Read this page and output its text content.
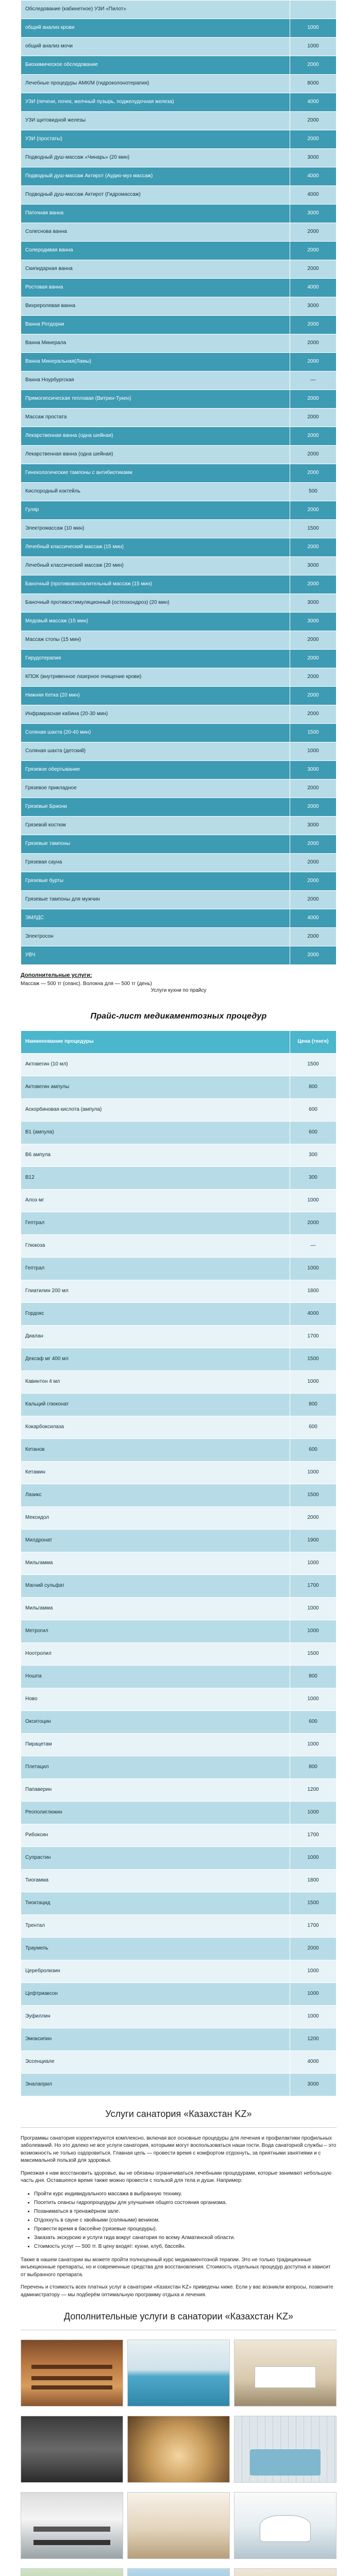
Обследование (кабинетное) УЗИ «Пилот»	
общий анализ крови	1000
общий анализ мочи	1000
Биохимическое обследование	2000
Лечебные процедуры АМК/М (гидроколонотерапия)	8000
УЗИ (печени, почек, желчный пузырь, поджелудочная железа)	4000
УЗИ щитовидной железы	2000
УЗИ (простаты)	2000
Подводный душ-массаж «Чинарь» (20 мин)	3000
Подводный душ-массаж Актирот (Аудио-муз массаж)	4000
Подводный душ-массаж Актирот (Гидромассаж)	4000
Паточная ванна	3000
Солеснова ванна	2000
Солеродивая ванна	2000
Скипидарная ванна	2000
Ростовая ванна	4000
Вихреролевая ванна	3000
Ванна Ротдорни	2000
Ванна Минерала	2000
Ванна Минеральная(Ламы)	2000
Ванна Ноурбургская	—
Прямогипсическая тепловая (Витрин-Тукен)	2000
Массаж простата	2000
Лекарственная ванна (одна шейная)	2000
Лекарственная ванна (одна шейная)	2000
Гинекологические тампоны с антибиотиками	2000
Кислородный коктейль	500
Гуляр	2000
Электромассаж (10 мин)	1500
Лечебный классический массаж (15 мин)	2000
Лечебный классический массаж (20 мин)	3000
Баночный (противовоспалительный массаж (15 мин)	2000
Баночный противостимуляционный (остеохондроз) (20 мин)	3000
Медовый массаж (15 мин)	3000
Массаж стопы (15 мин)	2000
Гирудотерапия	2000
КПОК (внутривенное лазерное очищение крови)	2000
Нижняя Кетка (20 мин)	2000
Инфракрасная кабина (20-30 мин)	2000
Соляная шахта (20-40 мин)	1500
Соляная шахта (детский)	1000
Грязевое обертывание	3000
Грязевое прикладное	2000
Грязевые Бриони	2000
Грязевой костюм	3000
Грязевые тампоны	2000
Грязевая сауна	2000
Грязевые бурты	2000
Грязевые тампоны для мужчин	2000
ЭМЛДС	4000
Электросон	2000
УВЧ	2000
Дополнительные услуги:
Массаж — 500 тг (сеанс). Волокна для — 500 тг (день)
Услуги кухни по прайсу
Прайс-лист медикаментозных процедур
Наименование процедуры	Цена (тенге)
Актовегин (10 мл)	1500
Актовегин ампулы	800
Аскорбиновая кислота (ампула)	600
В1 (ампула)	600
В6 ампула	300
В12	300
Алоэ мг	1000
Гептрал	2000
Глюкоза	—
Гептрал	1000
Глиатилин 200 мл	1800
Гордокс	4000
Диалан	1700
Дексаф мг 400 мл	1500
Кавинтон 4 мл	1000
Кальций глюконат	800
Кокарбоксилаза	600
Кетанов	600
Кетамин	1000
Лазикс	1500
Мексидол	2000
Милдронат	1900
Мильгамма	1000
Магний сульфат	1700
Мильгамма	1000
Метрогил	1000
Ноотропил	1500
Ношпа	800
Ново	1000
Окситоцин	600
Пирацетам	1000
Плетацил	800
Папаверин	1200
Реополиглюкин	1000
Рибоксин	1700
Супрастин	1000
Тиогамма	1800
Тиоктацид	1500
Трентал	1700
Траумель	2000
Церебролизин	1000
Цефтриаксон	1000
Эуфиллин	1000
Эмоксипин	1200
Эссенциале	4000
Эналаприл	3000
Услуги санатория «Казахстан KZ»

Программы санатория корректируются комплексно, включая все основные процедуры для лечения и профилактики профильных заболеваний. Но это далеко не все услуги санатория, которыми могут воспользоваться наши гости. Вода санаторной службы – это возможность не только оздоровиться. Главная цель — провести время с комфортом отдохнуть, за приятными занятиями и с максимальной пользой для здоровья.

Приезжая к нам восстановить здоровье, вы не обязаны ограничиваться лечебными процедурами, которые занимают небольшую часть дня. Оставшееся время также можно провести с пользой для тела и души. Например:

• Пройти курс индивидуального массажа в выбранную технику.
• Посетить сеансы гидропроцедуры для улучшения общего состояния организма.
• Позаниматься в тренажёрном зале.
• Отдохнуть в сауне с хвойными (соляными) веником.
• Провести время в бассейне (грязевые процедуры).
• Заказать экскурсию и услуги гида вокруг санатория по всему Алматинской области.
• Стоимость услуг — 500 тг. В цену входят: кухни, клуб, бассейн.

Также в нашем санатории вы можете пройти полноценный курс медикаментозной терапии. Это не только традиционные инъекционные препараты, но и современные средства для восстановления. Стоимость отдельных процедур доступна и зависит от выбранного препарата.

Перечень и стоимость всех платных услуг в санатории «Казахстан KZ» приведены ниже. Если у вас возникли вопросы, позвоните администратору — мы подберём оптимальную программу отдыха и лечения.

Дополнительные услуги в санатории «Казахстан KZ»
